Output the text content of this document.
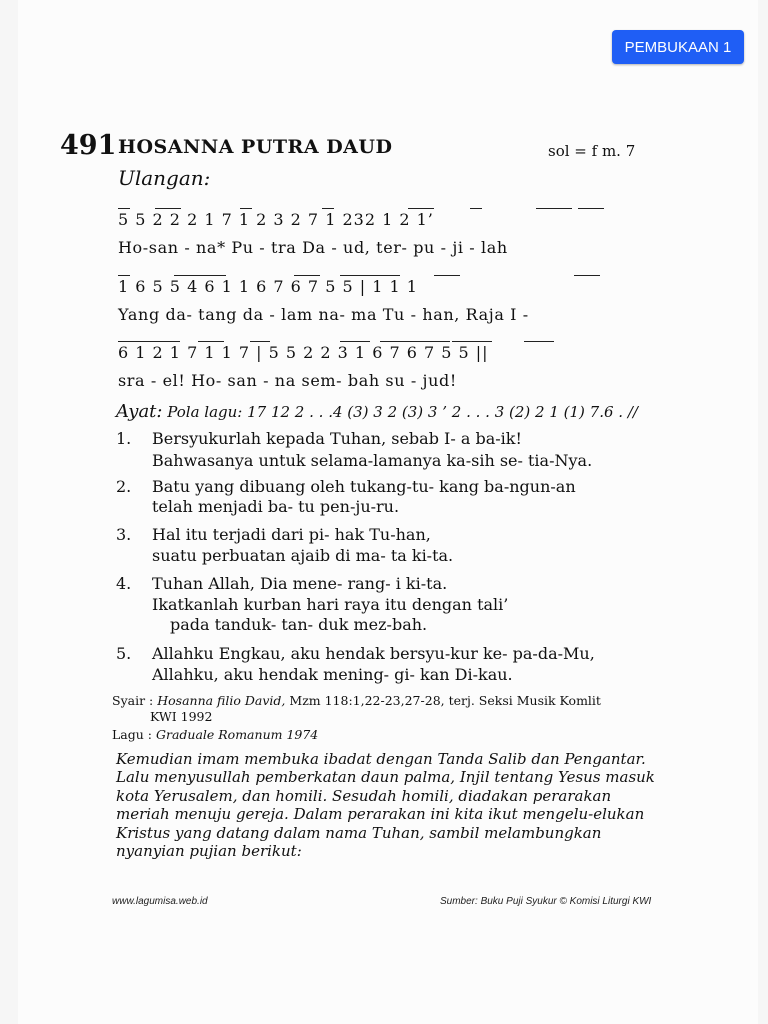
PEMBUKAAN 1
491 HOSANNA PUTRA DAUD	sol = f m. 7
Ulangan:
5 5 2 2 2 1 7 1 2 3 2 7 1 232 1 2 1’
Ho-san - na* Pu - tra Da - ud, ter- pu - ji - lah
1 6 5 5 4 6 1 1 6 7 6 7 5 5 | 1 1 1
Yang da- tang da - lam na- ma Tu - han, Raja I -
6 1 2 1 7 1 1 7 | 5 5 2 2 3 1 6 7 6 7 5 5 ||
sra - el! Ho- san - na sem- bah su - jud!
Ayat: Pola lagu: 17 12 2 . . .4 (3) 3 2 (3) 3 ’ 2 . . . 3 (2) 2 1 (1) 7.6 . //
1. Bersyukurlah kepada Tuhan, sebab I- a ba-ik!
Bahwasanya untuk selama-lamanya ka-sih se- tia-Nya.
2. Batu yang dibuang oleh tukang-tu- kang ba-ngun-an
telah menjadi ba- tu pen-ju-ru.
3. Hal itu terjadi dari pi- hak Tu-han,
suatu perbuatan ajaib di ma- ta ki-ta.
4. Tuhan Allah, Dia mene- rang- i ki-ta.
Ikatkanlah kurban hari raya itu dengan tali’
pada tanduk- tan- duk mez-bah.
5. Allahku Engkau, aku hendak bersyu-kur ke- pa-da-Mu,
Allahku, aku hendak mening- gi- kan Di-kau.
Syair : Hosanna filio David, Mzm 118:1,22-23,27-28, terj. Seksi Musik Komlit
KWI 1992
Lagu : Graduale Romanum 1974
Kemudian imam membuka ibadat dengan Tanda Salib dan Pengantar. Lalu menyusullah pemberkatan daun palma, Injil tentang Yesus masuk kota Yerusalem, dan homili. Sesudah homili, diadakan perarakan meriah menuju gereja. Dalam perarakan ini kita ikut mengelu-elukan Kristus yang datang dalam nama Tuhan, sambil melambungkan nyanyian pujian berikut:
www.lagumisa.web.id	Sumber: Buku Puji Syukur © Komisi Liturgi KWI
